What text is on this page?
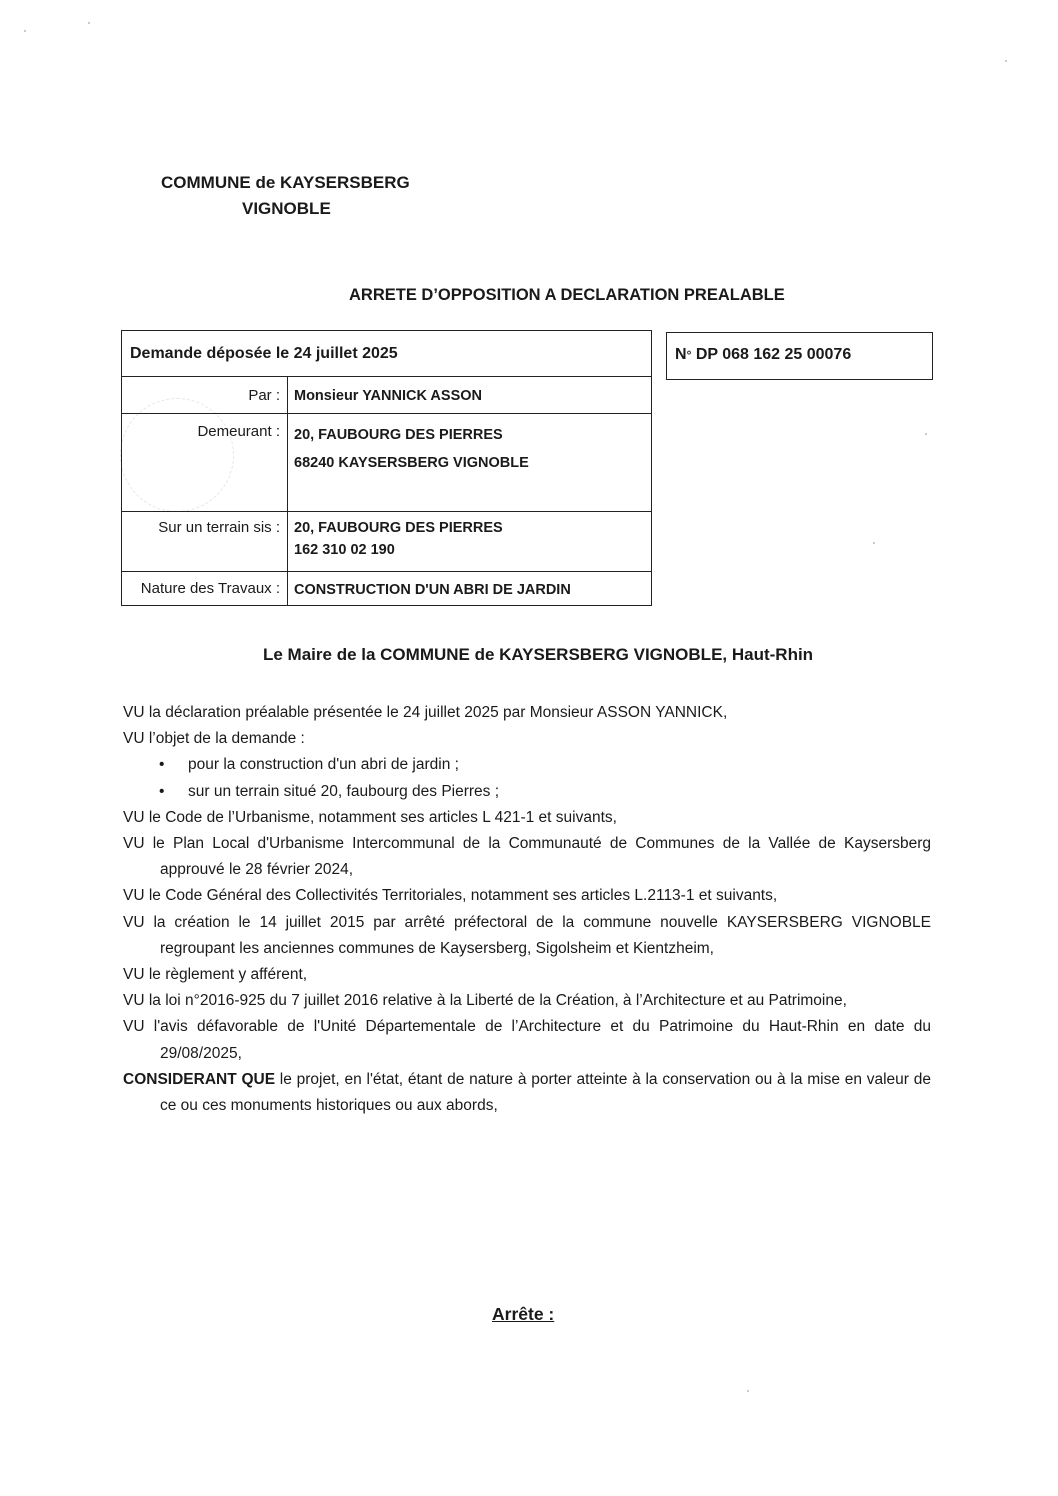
COMMUNE de KAYSERSBERG
VIGNOBLE
ARRETE D’OPPOSITION A DECLARATION PREALABLE
Demande déposée le 24 juillet 2025
Par : Monsieur YANNICK ASSON
Demeurant : 20, FAUBOURG DES PIERRES
68240 KAYSERSBERG VIGNOBLE
Sur un terrain sis : 20, FAUBOURG DES PIERRES
162 310 02 190
Nature des Travaux : CONSTRUCTION D'UN ABRI DE JARDIN
N° DP 068 162 25 00076
Le Maire de la COMMUNE de KAYSERSBERG VIGNOBLE, Haut-Rhin

VU la déclaration préalable présentée le 24 juillet 2025 par Monsieur ASSON YANNICK,

VU l’objet de la demande :

• pour la construction d'un abri de jardin ;

• sur un terrain situé 20, faubourg des Pierres ;

VU le Code de l’Urbanisme, notamment ses articles L 421-1 et suivants,

VU le Plan Local d'Urbanisme Intercommunal de la Communauté de Communes de la Vallée de Kaysersberg approuvé le 28 février 2024,

VU le Code Général des Collectivités Territoriales, notamment ses articles L.2113-1 et suivants,

VU la création le 14 juillet 2015 par arrêté préfectoral de la commune nouvelle KAYSERSBERG VIGNOBLE regroupant les anciennes communes de Kaysersberg, Sigolsheim et Kientzheim,

VU le règlement y afférent,

VU la loi n°2016-925 du 7 juillet 2016 relative à la Liberté de la Création, à l’Architecture et au Patrimoine,

VU l'avis défavorable de l'Unité Départementale de l’Architecture et du Patrimoine du Haut-Rhin en date du 29/08/2025,

CONSIDERANT QUE le projet, en l'état, étant de nature à porter atteinte à la conservation ou à la mise en valeur de ce ou ces monuments historiques ou aux abords,

Arrête :
